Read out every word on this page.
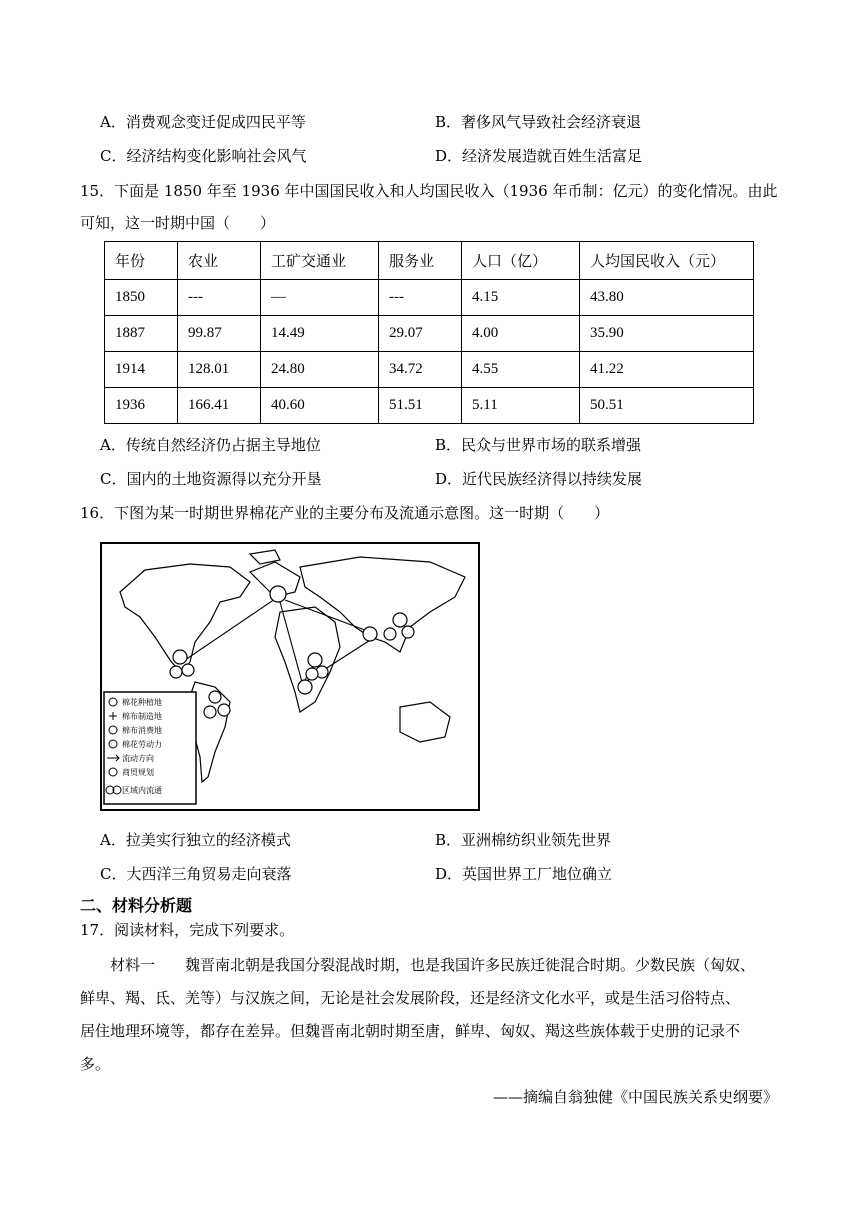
A．消费观念变迁促成四民平等	B．奢侈风气导致社会经济衰退
C．经济结构变化影响社会风气	D．经济发展造就百姓生活富足
15．下面是 1850 年至 1936 年中国国民收入和人均国民收入（1936 年币制：亿元）的变化情况。由此
可知，这一时期中国（　　）
年份	农业	工矿交通业	服务业	人口（亿）	人均国民收入（元）
1850	---	—	---	4.15	43.80
1887	99.87	14.49	29.07	4.00	35.90
1914	128.01	24.80	34.72	4.55	41.22
1936	166.41	40.60	51.51	5.11	50.51
A．传统自然经济仍占据主导地位	B．民众与世界市场的联系增强
C．国内的土地资源得以充分开垦	D．近代民族经济得以持续发展
16．下图为某一时期世界棉花产业的主要分布及流通示意图。这一时期（　　）
棉花种植地
棉布制造地
棉布消费地
棉花劳动力
流动方向
商贸规划
区域内流通
A．拉美实行独立的经济模式	B．亚洲棉纺织业领先世界
C．大西洋三角贸易走向衰落	D．英国世界工厂地位确立
二、材料分析题
17．阅读材料，完成下列要求。
　　材料一　　魏晋南北朝是我国分裂混战时期，也是我国许多民族迁徙混合时期。少数民族（匈奴、
鲜卑、羯、氐、羌等）与汉族之间，无论是社会发展阶段，还是经济文化水平，或是生活习俗特点、
居住地理环境等，都存在差异。但魏晋南北朝时期至唐，鲜卑、匈奴、羯这些族体载于史册的记录不
多。
——摘编自翁独健《中国民族关系史纲要》
